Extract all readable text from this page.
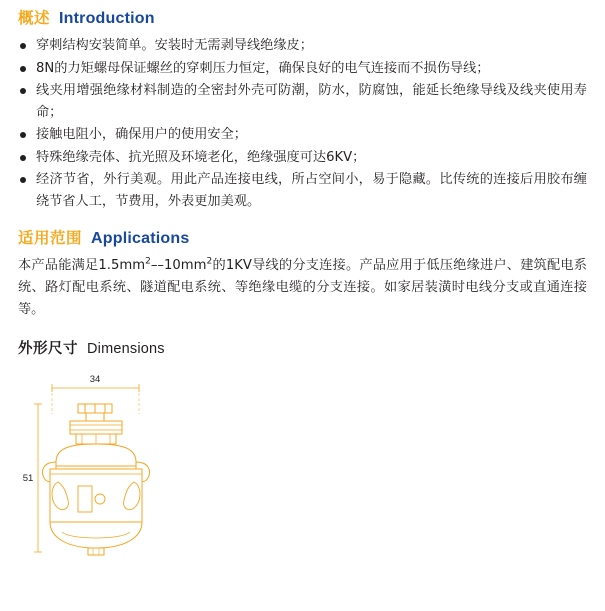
概述 Introduction
穿刺结构安装简单。安装时无需剥导线绝缘皮；
8N的力矩螺母保证螺丝的穿刺压力恒定，确保良好的电气连接而不损伤导线；
线夹用增强绝缘材料制造的全密封外壳可防潮，防水，防腐蚀，能延长绝缘导线及线夹使用寿命；
接触电阻小，确保用户的使用安全；
特殊绝缘壳体、抗光照及环境老化，绝缘强度可达6KV；
经济节省，外行美观。用此产品连接电线，所占空间小，易于隐藏。比传统的连接后用胶布缠绕节省人工，节费用，外表更加美观。
适用范围 Applications

本产品能满足$1.5mm^2--10mm^2$的1KV导线的分支连接。产品应用于低压绝缘进户、建筑配电系统、路灯配电系统、隧道配电系统、等绝缘电缆的分支连接。如家居装潢时电线分支或直通连接等。

外形尺寸 Dimensions
34
51
